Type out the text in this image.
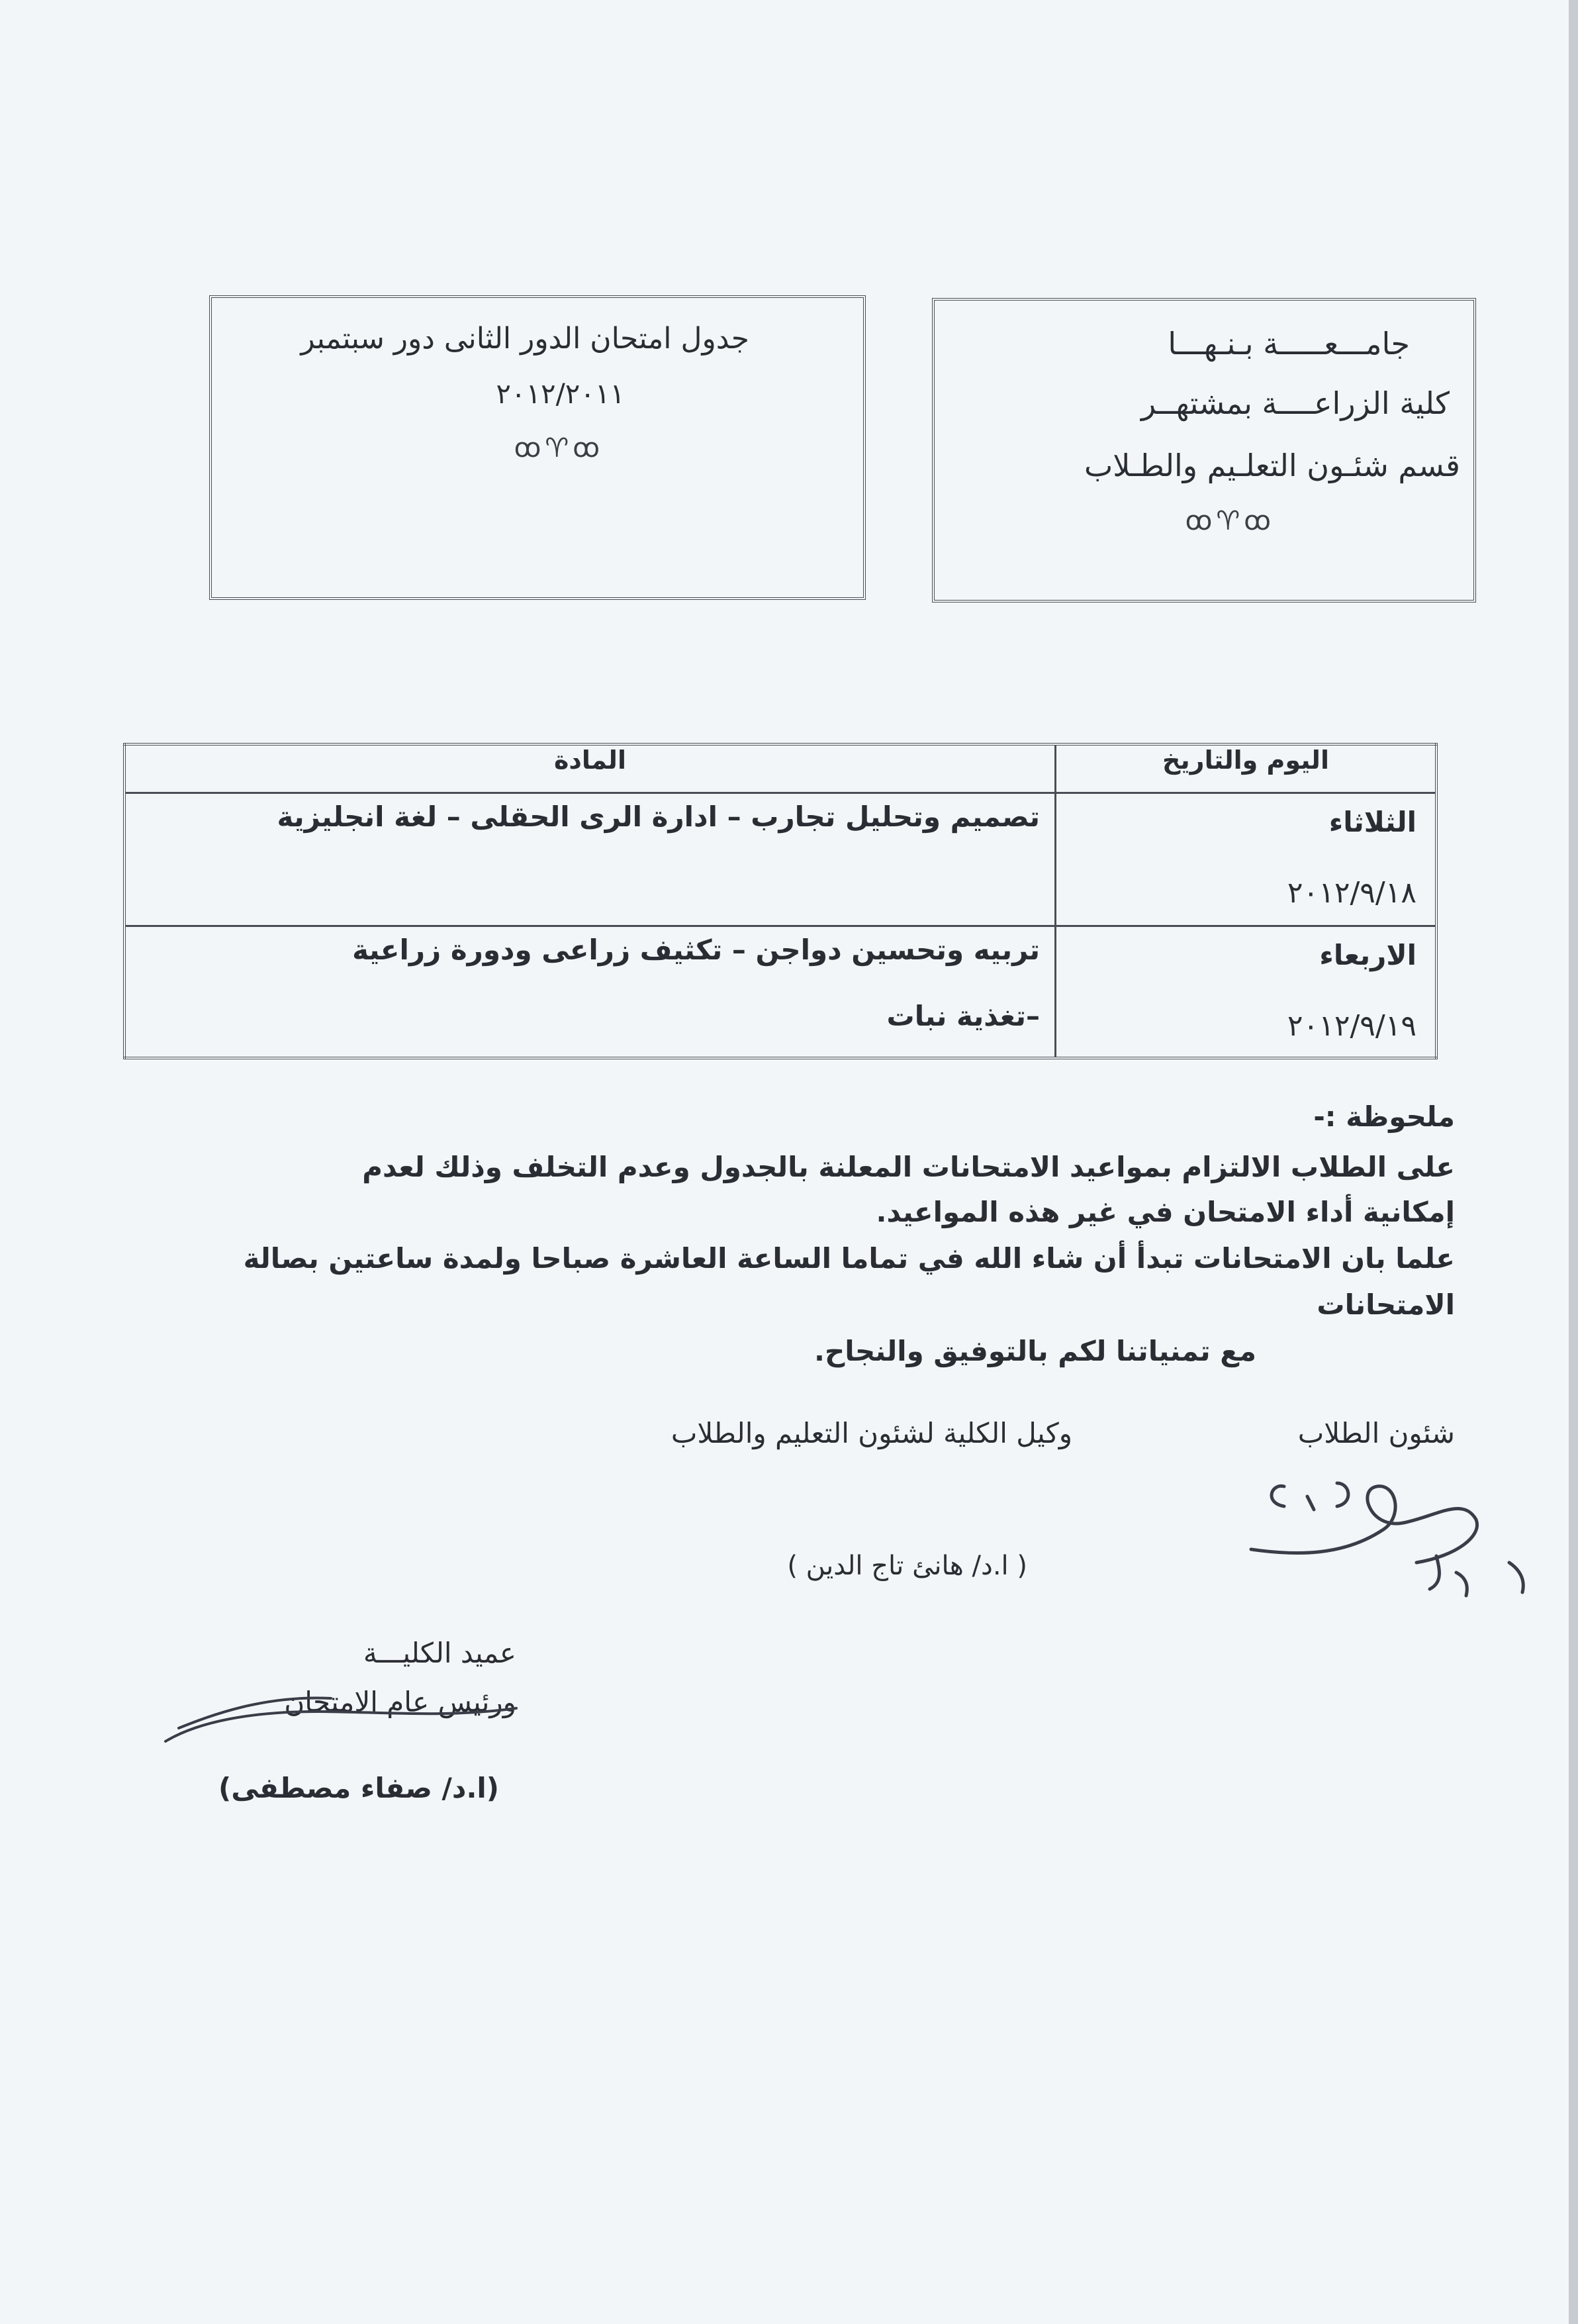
جامـــعـــــة بـنـهـــا
كلية الزراعــــة بمشتهــر
قسم شئـون التعلـيم والطـلاب
ꝏ♈ꝏ
جدول امتحان الدور الثانى دور سبتمبر
٢٠١٢/٢٠١١
ꝏ♈ꝏ
اليوم والتاريخ	المادة

الثلاثاء
٢٠١٢/٩/١٨	تصميم وتحليل تجارب – ادارة الرى الحقلى – لغة انجليزية

الاربعاء
٢٠١٢/٩/١٩	تربيه وتحسين دواجن – تكثيف زراعى ودورة زراعية
–تغذية نبات
ملحوظة :-
على الطلاب الالتزام بمواعيد الامتحانات المعلنة بالجدول وعدم التخلف وذلك لعدم
إمكانية أداء الامتحان في غير هذه المواعيد.
علما بان الامتحانات تبدأ أن شاء الله في تماما الساعة العاشرة صباحا ولمدة ساعتين بصالة
الامتحانات
مع تمنياتنا لكم بالتوفيق والنجاح.
شئون الطلاب
وكيل الكلية لشئون التعليم والطلاب
( ا.د/ هانئ تاج الدين )
عميد الكليـــة
ورئيس عام الامتحان
(ا.د/ صفاء مصطفى)
